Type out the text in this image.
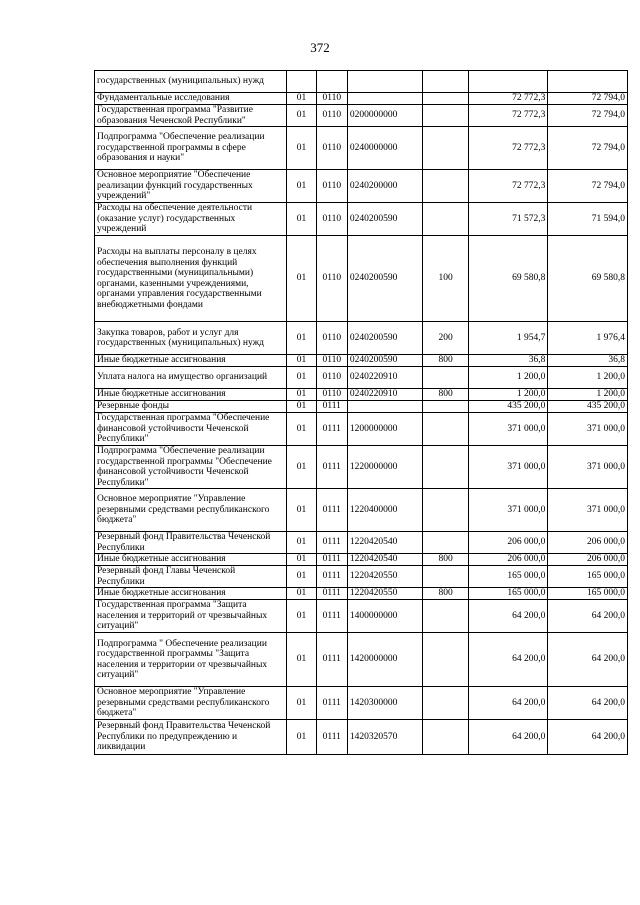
372
государственных (муниципальных) нужд						
Фундаментальные исследования	01	0110			72 772,3	72 794,0
Государственная программа "Развитие образования Чеченской Республики"	01	0110	0200000000		72 772,3	72 794,0
Подпрограмма "Обеспечение реализации государственной программы в сфере образования и науки"	01	0110	0240000000		72 772,3	72 794,0
Основное мероприятие "Обеспечение реализации функций государственных учреждений"	01	0110	0240200000		72 772,3	72 794,0
Расходы на обеспечение деятельности (оказание услуг) государственных учреждений	01	0110	0240200590		71 572,3	71 594,0
Расходы на выплаты персоналу в целях обеспечения выполнения функций государственными (муниципальными) органами, казенными учреждениями, органами управления государственными внебюджетными фондами	01	0110	0240200590	100	69 580,8	69 580,8
Закупка товаров, работ и услуг для государственных (муниципальных) нужд	01	0110	0240200590	200	1 954,7	1 976,4
Иные бюджетные ассигнования	01	0110	0240200590	800	36,8	36,8
Уплата налога на имущество организаций	01	0110	0240220910		1 200,0	1 200,0
Иные бюджетные ассигнования	01	0110	0240220910	800	1 200,0	1 200,0
Резервные фонды	01	0111			435 200,0	435 200,0
Государственная программа "Обеспечение финансовой устойчивости Чеченской Республики"	01	0111	1200000000		371 000,0	371 000,0
Подпрограмма "Обеспечение реализации государственной программы "Обеспечение финансовой устойчивости Чеченской Республики"	01	0111	1220000000		371 000,0	371 000,0
Основное мероприятие "Управление резервными средствами республиканского бюджета"	01	0111	1220400000		371 000,0	371 000,0
Резервный фонд Правительства Чеченской Республики	01	0111	1220420540		206 000,0	206 000,0
Иные бюджетные ассигнования	01	0111	1220420540	800	206 000,0	206 000,0
Резервный фонд Главы Чеченской Республики	01	0111	1220420550		165 000,0	165 000,0
Иные бюджетные ассигнования	01	0111	1220420550	800	165 000,0	165 000,0
Государственная программа "Защита населения и территорий от чрезвычайных ситуаций"	01	0111	1400000000		64 200,0	64 200,0
Подпрограмма " Обеспечение реализации государственной программы "Защита населения и территории от чрезвычайных ситуаций"	01	0111	1420000000		64 200,0	64 200,0
Основное мероприятие "Управление резервными средствами республиканского бюджета"	01	0111	1420300000		64 200,0	64 200,0
Резервный фонд Правительства Чеченской Республики по предупреждению и ликвидации	01	0111	1420320570		64 200,0	64 200,0
